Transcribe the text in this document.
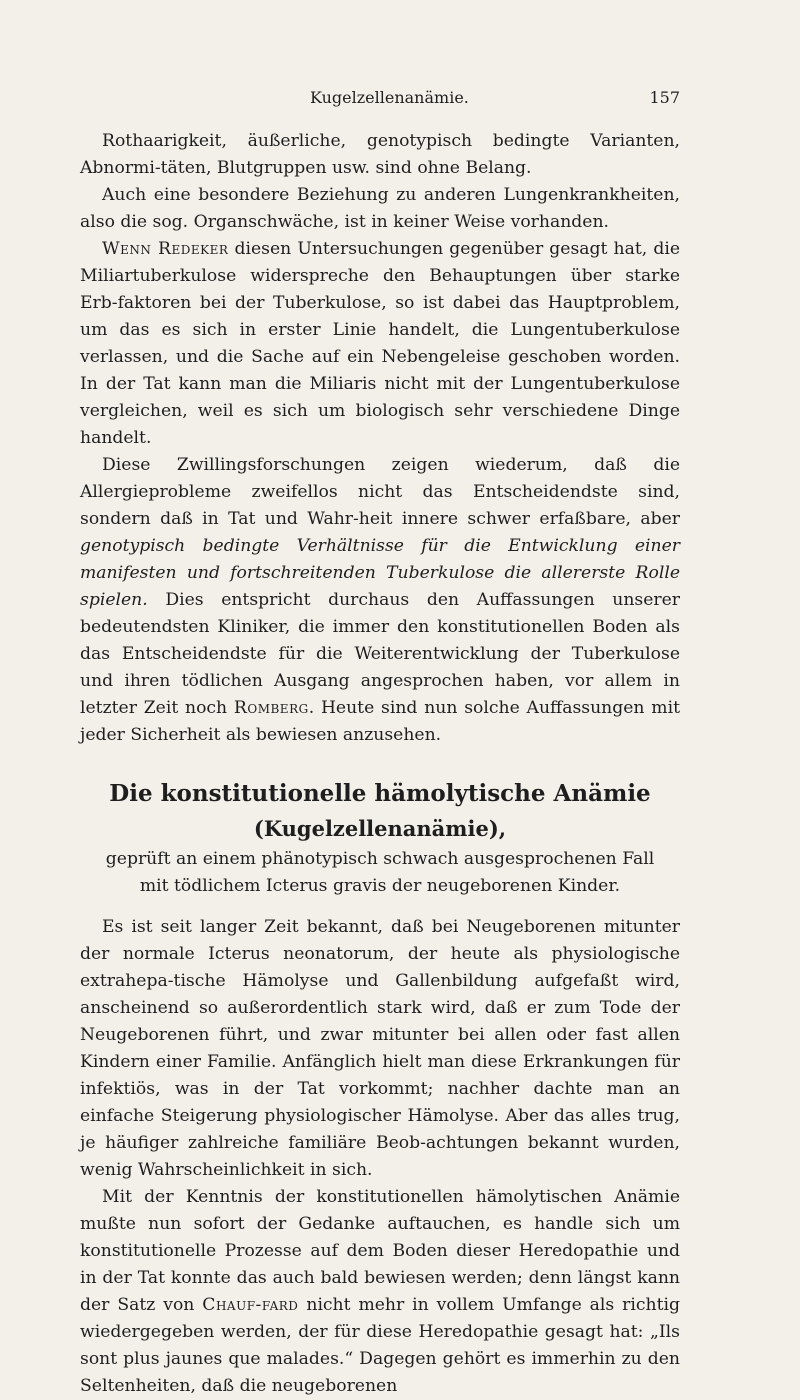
Kugelzellenanämie.	157

Rothaarigkeit, äußerliche, genotypisch bedingte Varianten, Abnormi-täten, Blutgruppen usw. sind ohne Belang.

Auch eine besondere Beziehung zu anderen Lungenkrankheiten, also die sog. Organschwäche, ist in keiner Weise vorhanden.

Wenn Redeker diesen Untersuchungen gegenüber gesagt hat, die Miliartuberkulose widerspreche den Behauptungen über starke Erb-faktoren bei der Tuberkulose, so ist dabei das Hauptproblem, um das es sich in erster Linie handelt, die Lungentuberkulose verlassen, und die Sache auf ein Nebengeleise geschoben worden. In der Tat kann man die Miliaris nicht mit der Lungentuberkulose vergleichen, weil es sich um biologisch sehr verschiedene Dinge handelt.

Diese Zwillingsforschungen zeigen wiederum, daß die Allergieprobleme zweifellos nicht das Entscheidendste sind, sondern daß in Tat und Wahr-heit innere schwer erfaßbare, aber genotypisch bedingte Verhältnisse für die Entwicklung einer manifesten und fortschreitenden Tuberkulose die allererste Rolle spielen. Dies entspricht durchaus den Auffassungen unserer bedeutendsten Kliniker, die immer den konstitutionellen Boden als das Entscheidendste für die Weiterentwicklung der Tuberkulose und ihren tödlichen Ausgang angesprochen haben, vor allem in letzter Zeit noch Romberg. Heute sind nun solche Auffassungen mit jeder Sicherheit als bewiesen anzusehen.

Die konstitutionelle hämolytische Anämie
(Kugelzellenanämie),

geprüft an einem phänotypisch schwach ausgesprochenen Fall mit tödlichem Icterus gravis der neugeborenen Kinder.

Es ist seit langer Zeit bekannt, daß bei Neugeborenen mitunter der normale Icterus neonatorum, der heute als physiologische extrahepa-tische Hämolyse und Gallenbildung aufgefaßt wird, anscheinend so außerordentlich stark wird, daß er zum Tode der Neugeborenen führt, und zwar mitunter bei allen oder fast allen Kindern einer Familie. Anfänglich hielt man diese Erkrankungen für infektiös, was in der Tat vorkommt; nachher dachte man an einfache Steigerung physiologischer Hämolyse. Aber das alles trug, je häufiger zahlreiche familiäre Beob-achtungen bekannt wurden, wenig Wahrscheinlichkeit in sich.

Mit der Kenntnis der konstitutionellen hämolytischen Anämie mußte nun sofort der Gedanke auftauchen, es handle sich um konstitutionelle Prozesse auf dem Boden dieser Heredopathie und in der Tat konnte das auch bald bewiesen werden; denn längst kann der Satz von Chauf-fard nicht mehr in vollem Umfange als richtig wiedergegeben werden, der für diese Heredopathie gesagt hat: „Ils sont plus jaunes que malades.“ Dagegen gehört es immerhin zu den Seltenheiten, daß die neugeborenen
